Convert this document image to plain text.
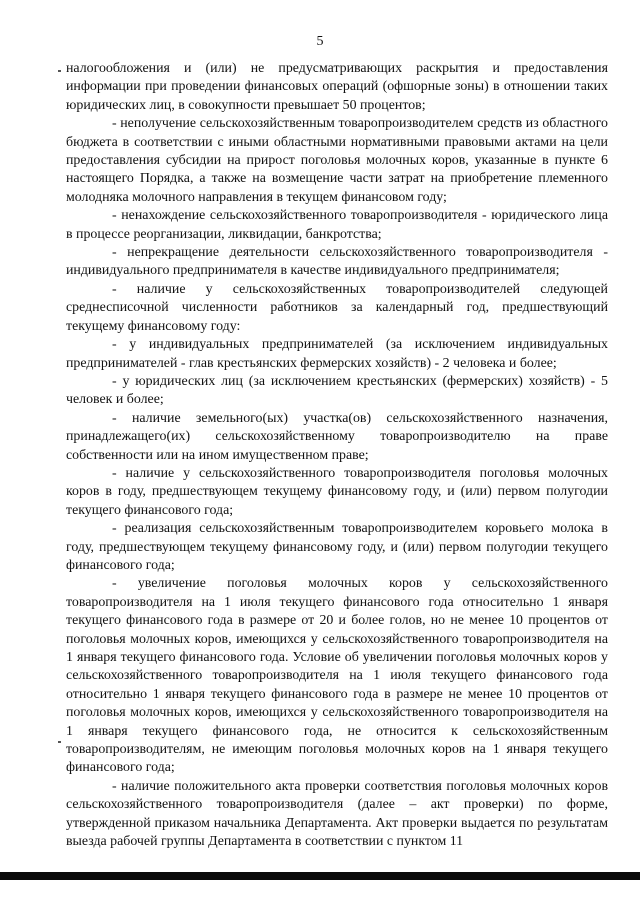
5

налогообложения и (или) не предусматривающих раскрытия и предоставления информации при проведении финансовых операций (офшорные зоны) в отношении таких юридических лиц, в совокупности превышает 50 процентов;

- неполучение сельскохозяйственным товаропроизводителем средств из областного бюджета в соответствии с иными областными нормативными правовыми актами на цели предоставления субсидии на прирост поголовья молочных коров, указанные в пункте 6 настоящего Порядка, а также на возмещение части затрат на приобретение племенного молодняка молочного направления в текущем финансовом году;

- ненахождение сельскохозяйственного товаропроизводителя - юридического лица в процессе реорганизации, ликвидации, банкротства;

- непрекращение деятельности сельскохозяйственного товаропроизводителя - индивидуального предпринимателя в качестве индивидуального предпринимателя;

- наличие у сельскохозяйственных товаропроизводителей следующей среднесписочной численности работников за календарный год, предшествующий текущему финансовому году:

- у индивидуальных предпринимателей (за исключением индивидуальных предпринимателей - глав крестьянских фермерских хозяйств) - 2 человека и более;

- у юридических лиц (за исключением крестьянских (фермерских) хозяйств) - 5 человек и более;

- наличие земельного(ых) участка(ов) сельскохозяйственного назначения, принадлежащего(их) сельскохозяйственному товаропроизводителю на праве собственности или на ином имущественном праве;

- наличие у сельскохозяйственного товаропроизводителя поголовья молочных коров в году, предшествующем текущему финансовому году, и (или) первом полугодии текущего финансового года;

- реализация сельскохозяйственным товаропроизводителем коровьего молока в году, предшествующем текущему финансовому году, и (или) первом полугодии текущего финансового года;

- увеличение поголовья молочных коров у сельскохозяйственного товаропроизводителя на 1 июля текущего финансового года относительно 1 января текущего финансового года в размере от 20 и более голов, но не менее 10 процентов от поголовья молочных коров, имеющихся у сельскохозяйственного товаропроизводителя на 1 января текущего финансового года. Условие об увеличении поголовья молочных коров у сельскохозяйственного товаропроизводителя на 1 июля текущего финансового года относительно 1 января текущего финансового года в размере не менее 10 процентов от поголовья молочных коров, имеющихся у сельскохозяйственного товаропроизводителя на 1 января текущего финансового года, не относится к сельскохозяйственным товаропроизводителям, не имеющим поголовья молочных коров на 1 января текущего финансового года;

- наличие положительного акта проверки соответствия поголовья молочных коров сельскохозяйственного товаропроизводителя (далее – акт проверки) по форме, утвержденной приказом начальника Департамента. Акт проверки выдается по результатам выезда рабочей группы Департамента в соответствии с пунктом 11
